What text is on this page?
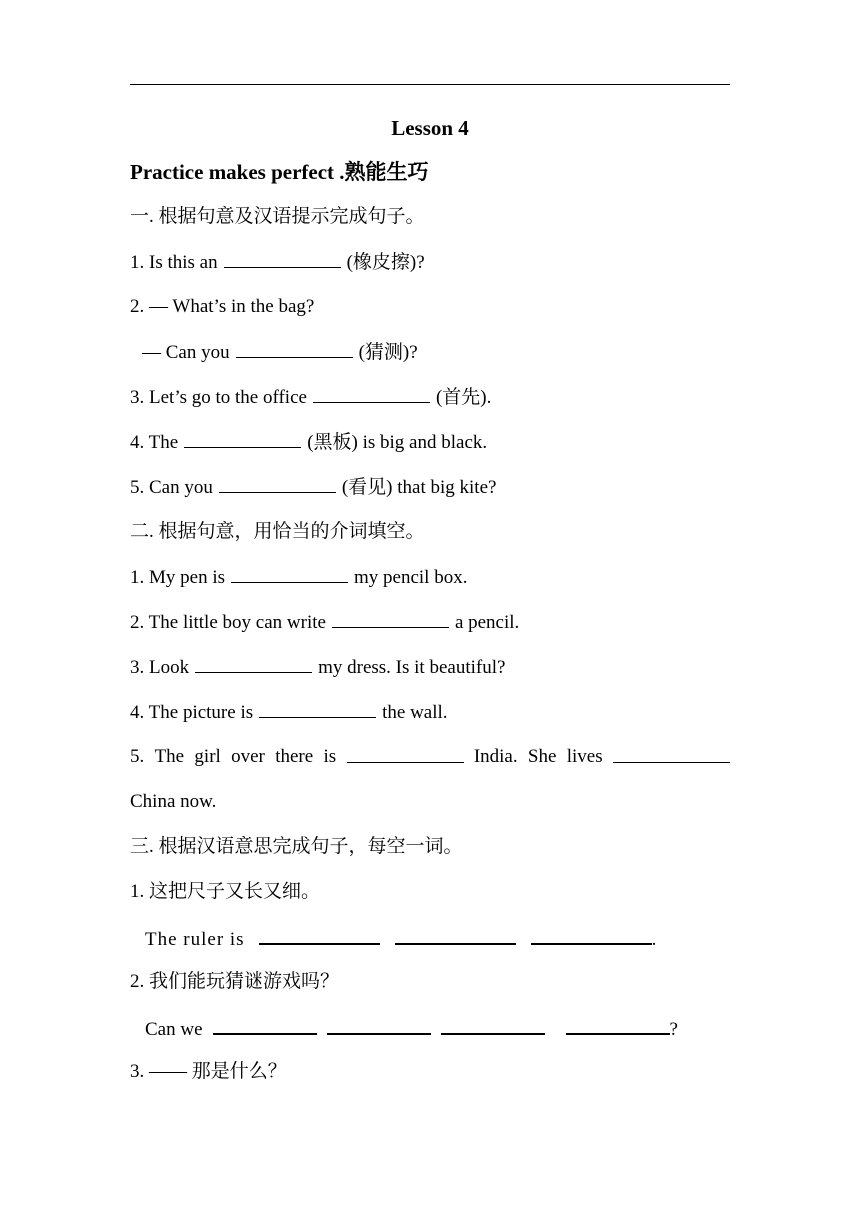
Lesson 4
Practice makes perfect .熟能生巧
一. 根据句意及汉语提示完成句子。
1. Is this an	(橡皮擦)?
2. — What’s in the bag?
— Can you	(猜测)?
3. Let’s go to the office	(首先).
4. The	(黑板) is big and black.
5. Can you	(看见) that big kite?
二. 根据句意，用恰当的介词填空。
1. My pen is	my pencil box.
2. The little boy can write	a pencil.
3. Look	my dress. Is it beautiful?
4. The picture is	the wall.
5. The girl over there is	India. She lives
China now.
三. 根据汉语意思完成句子，每空一词。
1. 这把尺子又长又细。
The ruler is	.
2. 我们能玩猜谜游戏吗？
Can we	?
3. —— 那是什么？
